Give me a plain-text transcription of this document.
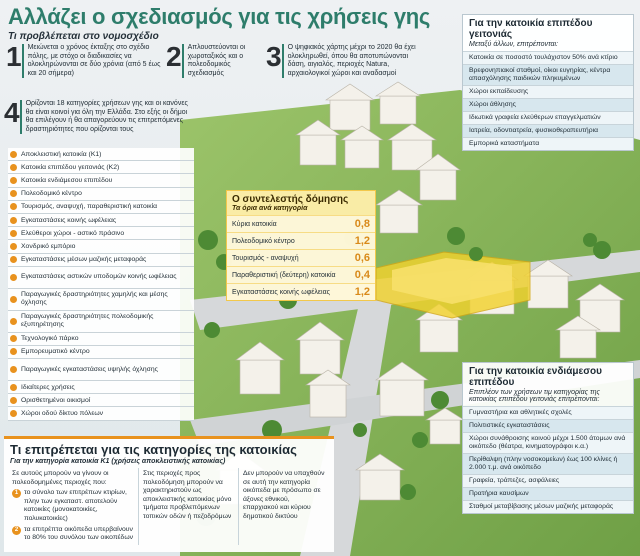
Αλλάζει ο σχεδιασμός για τις χρήσεις γης
Τι προβλέπεται στο νομοσχέδιο
1 Μειώνεται ο χρόνος έκταξης στο σχέδιο πόλης, με στόχο οι διαδικασίες να ολοκληρώνονται σε δύο χρόνια (από 5 έως και 20 σήμερα)
2 Απλουστεύονται οι χωροταξικός και ο πολεοδομικός σχεδιασμός
3 Ο ψηφιακός χάρτης μέχρι το 2020 θα έχει ολοκληρωθεί, όπου θα αποτυπώνονται δάση, αιγιαλός, περιοχές Natura, αρχαιολογικοί χώροι και αναδασμοί
4 Ορίζονται 18 κατηγορίες χρήσεων γης και οι κανόνες θα είναι κοινοί για όλη την Ελλάδα. Στο εξής οι δήμοι θα επιλέγουν ή θα απαγορεύουν τις επιτρεπόμενες δραστηριότητες που ορίζονται τους
Αποκλειστική κατοικία (Κ1)
Κατοικία επιπέδου γειτονιάς (Κ2)
Κατοικία ενδιάμεσου επιπέδου
Πολεοδομικό κέντρο
Τουρισμός, αναψυχή, παραθεριστική κατοικία
Εγκαταστάσεις κοινής ωφέλειας
Ελεύθεροι χώροι - αστικό πράσινο
Χονδρικό εμπόριο
Εγκαταστάσεις μέσων μαζικής μεταφοράς
Εγκαταστάσεις αστικών υποδομών κοινής ωφέλειας
Παραγωγικές δραστηριότητες χαμηλής και μέσης όχλησης
Παραγωγικές δραστηριότητες πολεοδομικής εξυπηρέτησης
Τεχνολογικό πάρκο
Εμπορευματικό κέντρο
Παραγωγικές εγκαταστάσεις υψηλής όχλησης
Ιδιαίτερες χρήσεις
Ορισθετημένοι οικισμοί
Χώροι οδού δίκτυο πόλεων
Ο συντελεστής δόμησης
Τα όρια ανά κατηγορία
Κύρια κατοικία	0,8
Πολεοδομικό κέντρο	1,2
Τουρισμός - αναψυχή	0,6
Παραθεριστική (δεύτερη) κατοικία 0,4
Εγκαταστάσεις κοινής ωφέλειας 1,2
Για την κατοικία επιπέδου γειτονιάς
Μεταξύ άλλων, επιτρέπονται:
Κατοικία σε ποσοστό τουλάχιστον 50% ανά κτίριο
Βρεφονηπιακοί σταθμοί, οίκοι ευγηρίας, κέντρα απασχόλησης παιδικών πληκυμένων
Χώροι εκπαίδευσης
Χώροι άθλησης
Ιδιωτικά γραφεία ελεύθερων επαγγελματιών
Ιατρεία, οδοντιατρεία, φυσικοθεραπευτήρια
Εμπορικά καταστήματα
Για την κατοικία ενδιάμεσου επιπέδου
Επιπλέον των χρήσεων τιμ κατηγορίας της κατοικίας επιπέδου γειτονιάς επιτρέπονται:
Γυμναστήρια και αθλητικές σχολές
Πολιτιστικές εγκαταστάσεις
Χώροι συνάθροισης κοινού μέχρι 1.500 άτομων ανά οικόπεδο (θέατρα, κινηματογράφοι κ.α.)
Περίθαλψη (πλην νοσοκομείων) έως 100 κλίνες ή 2.000 τ.μ. ανά οικόπεδο
Γραφεία, τράπεζες, ασφάλειες
Πρατήρια καυσίμων
Σταθμοί μεταβίβασης μέσων μαζικής μεταφοράς
Τι επιτρέπεται για τις κατηγορίες της κατοικίας
Για την κατηγορία κατοικία Κ1 (χρήσεις αποκλειστικής κατοικίας)
Σε αυτούς μπορούν να γίνουν οι πολεοδομημένες περιοχές που:
1 το σύνολο των επιτρέπων κτιρίων, πλην των εγκαταστ. αποτελούν κατοικίες (μονοκατοικίες, πολυκατοικίες)
2 τα επιτρέπτα οικόπεδα υπερβαίνουν το 80% του συνόλου των οικοπέδων
Στις περιοχές προς πολεοδόμηση μπορούν να χαρακτηριστούν ως αποκλειστικής κατοικίας μόνο τμήματα προβλεπόμενων τοπικών οδών ή πεζοδρόμων
Δεν μπορούν να υπαχθούν σε αυτή την κατηγορία οικόπεδα με πρόσωπο σε άξονες εθνικού, επαρχιακού και κύριου δημοτικού δικτύου
